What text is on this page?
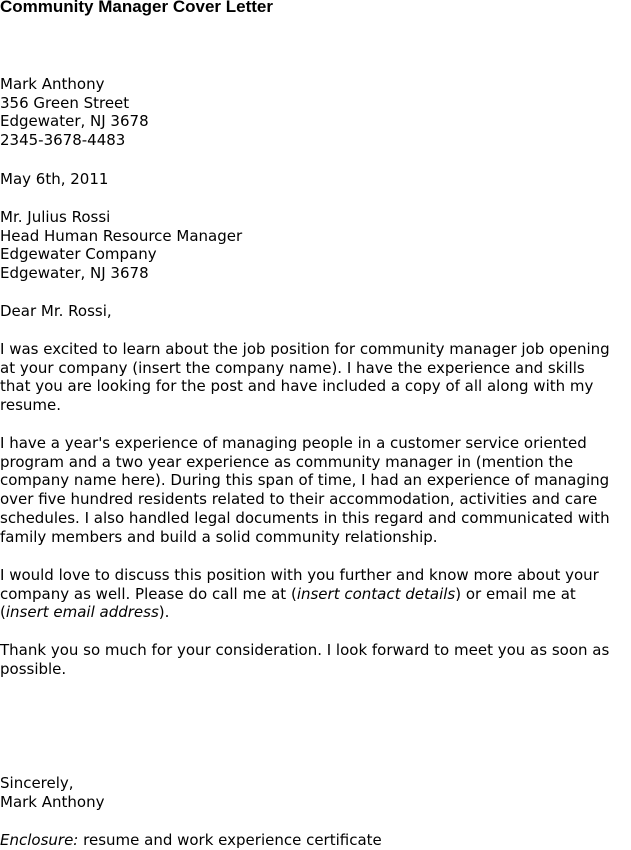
Community Manager Cover Letter
Mark Anthony
356 Green Street
Edgewater, NJ 3678
2345-3678-4483
May 6th, 2011
Mr. Julius Rossi
Head Human Resource Manager
Edgewater Company
Edgewater, NJ 3678
Dear Mr. Rossi,
I was excited to learn about the job position for community manager job opening
at your company (insert the company name). I have the experience and skills
that you are looking for the post and have included a copy of all along with my
resume.
I have a year's experience of managing people in a customer service oriented
program and a two year experience as community manager in (mention the
company name here). During this span of time, I had an experience of managing
over five hundred residents related to their accommodation, activities and care
schedules. I also handled legal documents in this regard and communicated with
family members and build a solid community relationship.
I would love to discuss this position with you further and know more about your
company as well. Please do call me at (insert contact details) or email me at
(insert email address).
Thank you so much for your consideration. I look forward to meet you as soon as
possible.
Sincerely,
Mark Anthony
Enclosure: resume and work experience certificate
